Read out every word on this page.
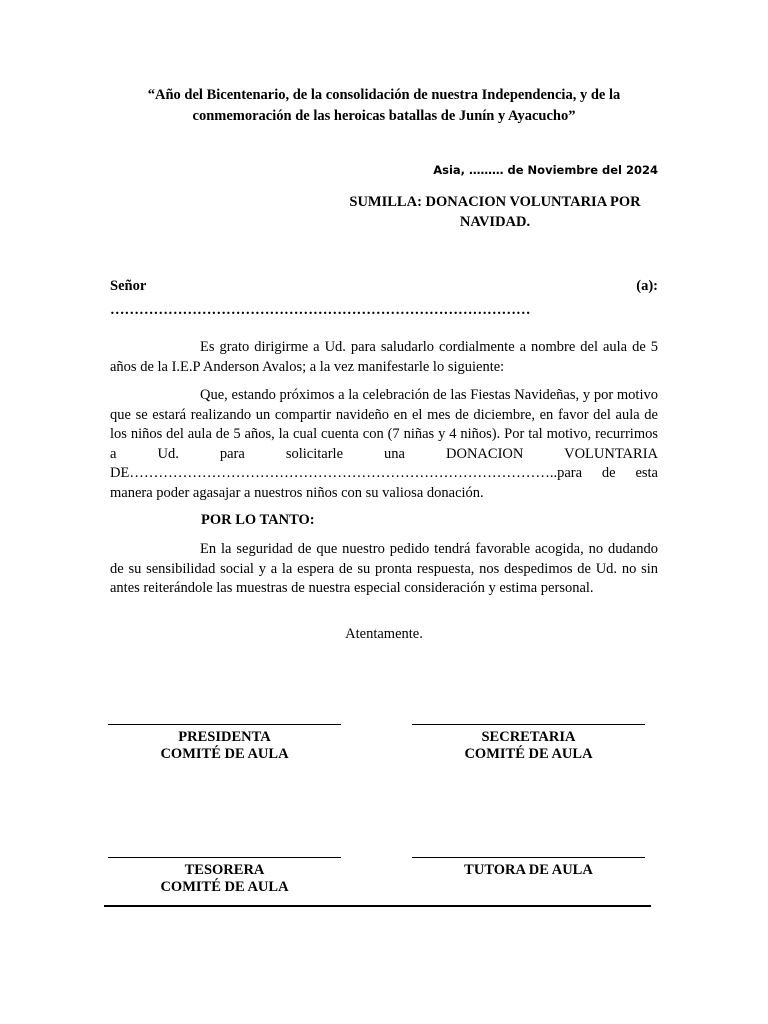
“Año del Bicentenario, de la consolidación de nuestra Independencia, y de la
conmemoración de las heroicas batallas de Junín y Ayacucho”
Asia, ……… de Noviembre del 2024
SUMILLA: DONACION VOLUNTARIA POR
NAVIDAD.
Señor	(a):
……………………………………………………………………………
Es grato dirigirme a Ud. para saludarlo cordialmente a nombre del aula de 5 años de la I.E.P Anderson Avalos; a la vez manifestarle lo siguiente:
Que, estando próximos a la celebración de las Fiestas Navideñas, y por motivo que se estará realizando un compartir navideño en el mes de diciembre, en favor del aula de los niños del aula de 5 años, la cual cuenta con (7 niñas y 4 niños). Por tal motivo, recurrimos a Ud. para solicitarle una DONACION VOLUNTARIA DE……………………………………………………………………………..para de esta manera poder agasajar a nuestros niños con su valiosa donación.
POR LO TANTO:
En la seguridad de que nuestro pedido tendrá favorable acogida, no dudando de su sensibilidad social y a la espera de su pronta respuesta, nos despedimos de Ud. no sin antes reiterándole las muestras de nuestra especial consideración y estima personal.
Atentamente.
PRESIDENTA
COMITÉ DE AULA
SECRETARIA
COMITÉ DE AULA
TESORERA
COMITÉ DE AULA
TUTORA DE AULA
